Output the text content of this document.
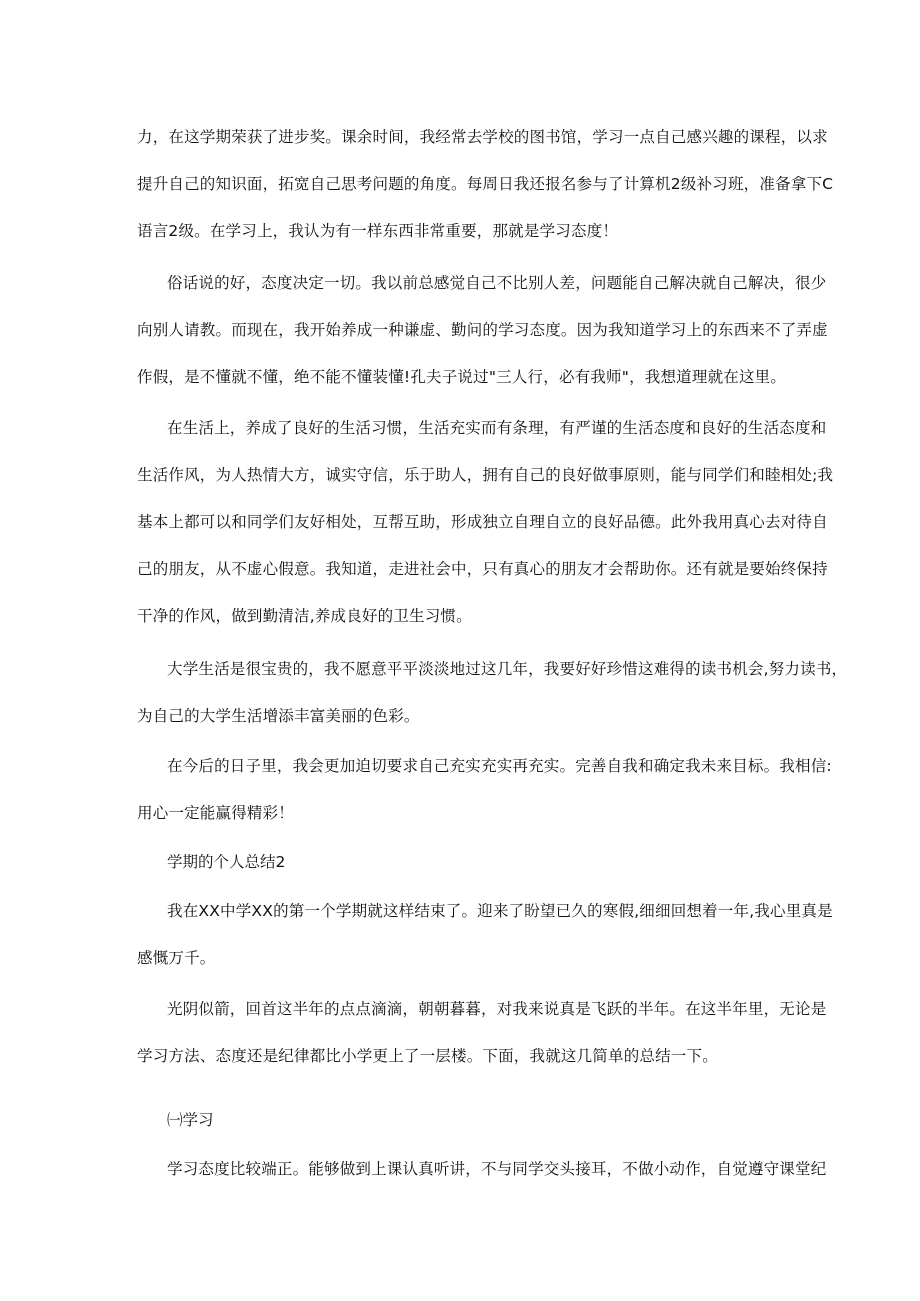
力，在这学期荣获了进步奖。课余时间，我经常去学校的图书馆，学习一点自己感兴趣的课程，以求
提升自己的知识面，拓宽自己思考问题的角度。每周日我还报名参与了计算机2级补习班，准备拿下C
语言2级。在学习上，我认为有一样东西非常重要，那就是学习态度！
俗话说的好，态度决定一切。我以前总感觉自己不比别人差，问题能自己解决就自己解决，很少
向别人请教。而现在，我开始养成一种谦虚、勤问的学习态度。因为我知道学习上的东西来不了弄虚
作假，是不懂就不懂，绝不能不懂装懂!孔夫子说过"三人行，必有我师"，我想道理就在这里。
在生活上，养成了良好的生活习惯，生活充实而有条理，有严谨的生活态度和良好的生活态度和
生活作风，为人热情大方，诚实守信，乐于助人，拥有自己的良好做事原则，能与同学们和睦相处;我
基本上都可以和同学们友好相处，互帮互助，形成独立自理自立的良好品德。此外我用真心去对待自
己的朋友，从不虚心假意。我知道，走进社会中，只有真心的朋友才会帮助你。还有就是要始终保持
干净的作风，做到勤清洁,养成良好的卫生习惯。
大学生活是很宝贵的，我不愿意平平淡淡地过这几年，我要好好珍惜这难得的读书机会,努力读书，
为自己的大学生活增添丰富美丽的色彩。
在今后的日子里，我会更加迫切要求自己充实充实再充实。完善自我和确定我未来目标。我相信:
用心一定能赢得精彩！
学期的个人总结2
我在XX中学XX的第一个学期就这样结束了。迎来了盼望已久的寒假,细细回想着一年,我心里真是
感慨万千。
光阴似箭，回首这半年的点点滴滴，朝朝暮暮，对我来说真是飞跃的半年。在这半年里，无论是
学习方法、态度还是纪律都比小学更上了一层楼。下面，我就这几简单的总结一下。
㈠学习
学习态度比较端正。能够做到上课认真听讲，不与同学交头接耳，不做小动作，自觉遵守课堂纪
